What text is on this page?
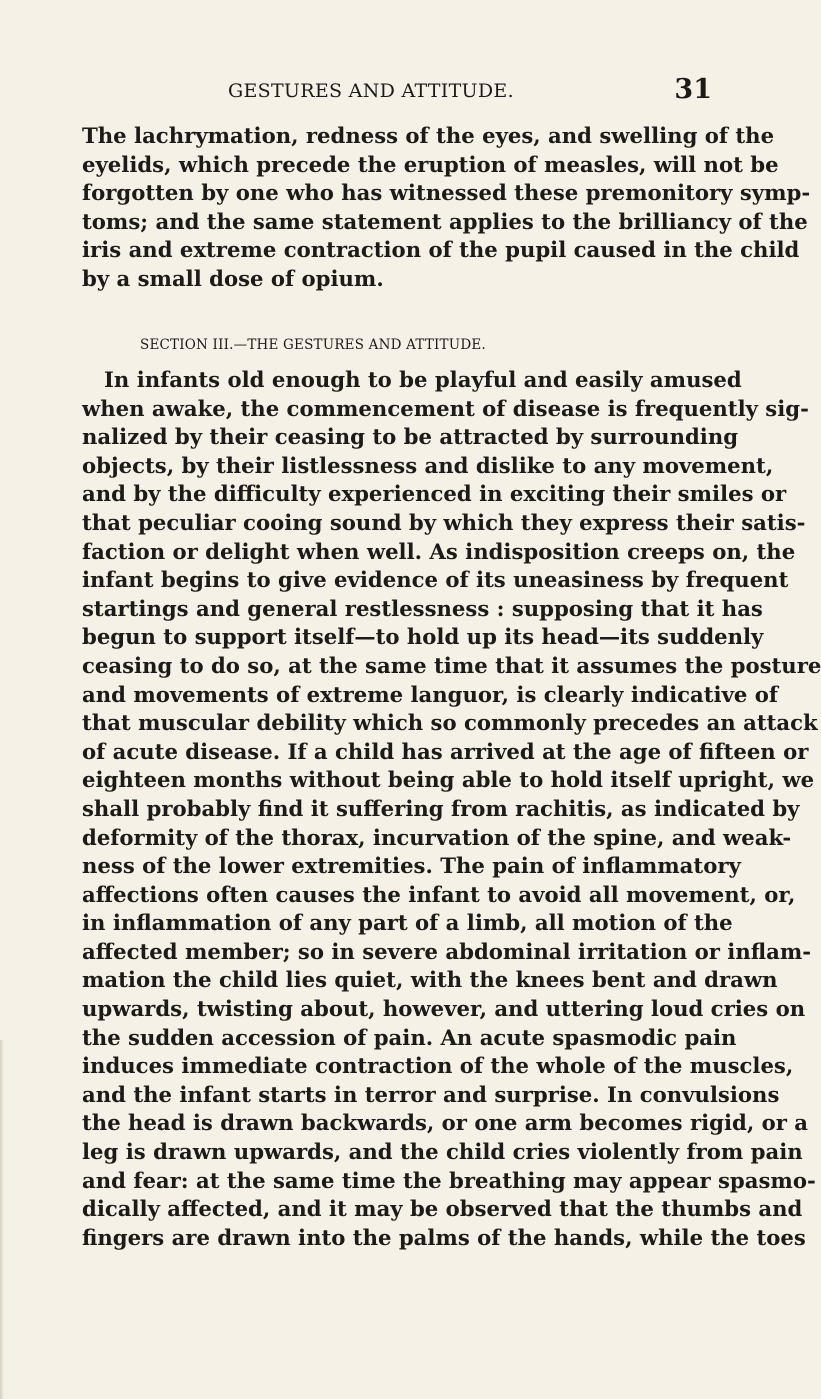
GESTURES AND ATTITUDE.	31
The lachrymation, redness of the eyes, and swelling of the
eyelids, which precede the eruption of measles, will not be
forgotten by one who has witnessed these premonitory symp-
toms; and the same statement applies to the brilliancy of the
iris and extreme contraction of the pupil caused in the child
by a small dose of opium.
SECTION III.—THE GESTURES AND ATTITUDE.
In infants old enough to be playful and easily amused
when awake, the commencement of disease is frequently sig-
nalized by their ceasing to be attracted by surrounding
objects, by their listlessness and dislike to any movement,
and by the difficulty experienced in exciting their smiles or
that peculiar cooing sound by which they express their satis-
faction or delight when well. As indisposition creeps on, the
infant begins to give evidence of its uneasiness by frequent
startings and general restlessness : supposing that it has
begun to support itself—to hold up its head—its suddenly
ceasing to do so, at the same time that it assumes the posture
and movements of extreme languor, is clearly indicative of
that muscular debility which so commonly precedes an attack
of acute disease. If a child has arrived at the age of fifteen or
eighteen months without being able to hold itself upright, we
shall probably find it suffering from rachitis, as indicated by
deformity of the thorax, incurvation of the spine, and weak-
ness of the lower extremities. The pain of inflammatory
affections often causes the infant to avoid all movement, or,
in inflammation of any part of a limb, all motion of the
affected member; so in severe abdominal irritation or inflam-
mation the child lies quiet, with the knees bent and drawn
upwards, twisting about, however, and uttering loud cries on
the sudden accession of pain. An acute spasmodic pain
induces immediate contraction of the whole of the muscles,
and the infant starts in terror and surprise. In convulsions
the head is drawn backwards, or one arm becomes rigid, or a
leg is drawn upwards, and the child cries violently from pain
and fear: at the same time the breathing may appear spasmo-
dically affected, and it may be observed that the thumbs and
fingers are drawn into the palms of the hands, while the toes
